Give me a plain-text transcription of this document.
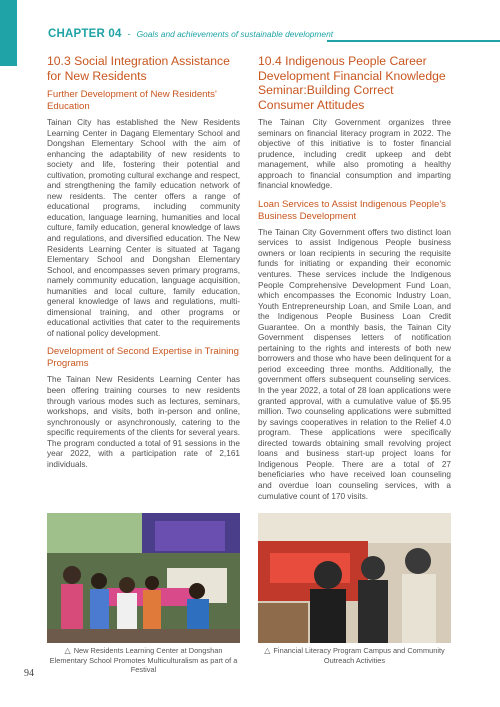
CHAPTER 04 - Goals and achievements of sustainable development
10.3 Social Integration Assistance for New Residents
Further Development of New Residents' Education

Tainan City has established the New Residents Learning Center in Dagang Elementary School and Dongshan Elementary School with the aim of enhancing the adaptability of new residents to society and life, fostering their potential and cultivation, promoting cultural exchange and respect, and strengthening the family education network of new residents. The center offers a range of educational programs, including community education, language learning, humanities and local culture, family education, general knowledge of laws and regulations, and diversified education. The New Residents Learning Center is situated at Tagang Elementary School and Dongshan Elementary School, and encompasses seven primary programs, namely community education, language acquisition, humanities and local culture, family education, general knowledge of laws and regulations, multi-dimensional training, and other programs or educational activities that cater to the requirements of national policy development.

Development of Second Expertise in Training Programs

The Tainan New Residents Learning Center has been offering training courses to new residents through various modes such as lectures, seminars, workshops, and visits, both in-person and online, synchronously or asynchronously, catering to the specific requirements of the clients for several years. The program conducted a total of 91 sessions in the year 2022, with a participation rate of 2,161 individuals.

10.4 Indigenous People Career Development Financial Knowledge Seminar:Building Correct Consumer Attitudes

The Tainan City Government organizes three seminars on financial literacy program in 2022. The objective of this initiative is to foster financial prudence, including credit upkeep and debt management, while also promoting a healthy approach to financial consumption and imparting financial knowledge.

Loan Services to Assist Indigenous People's Business Development

The Tainan City Government offers two distinct loan services to assist Indigenous People business owners or loan recipients in securing the requisite funds for initiating or expanding their economic ventures. These services include the Indigenous People Comprehensive Development Fund Loan, which encompasses the Economic Industry Loan, Youth Entrepreneurship Loan, and Smile Loan, and the Indigenous People Business Loan Credit Guarantee. On a monthly basis, the Tainan City Government dispenses letters of notification pertaining to the rights and interests of both new borrowers and those who have been delinquent for a period exceeding three months. Additionally, the government offers subsequent counseling services. In the year 2022, a total of 28 loan applications were granted approval, with a cumulative value of $5.95 million. Two counseling applications were submitted by savings cooperatives in relation to the Relief 4.0 program. These applications were specifically directed towards obtaining small revolving project loans and business start-up project loans for Indigenous People. There are a total of 27 beneficiaries who have received loan counseling and overdue loan counseling services, with a cumulative count of 170 visits.

△ New Residents Learning Center at Dongshan Elementary School Promotes Multiculturalism as part of a Festival
△ Financial Literacy Program Campus and Community Outreach Activities
94
